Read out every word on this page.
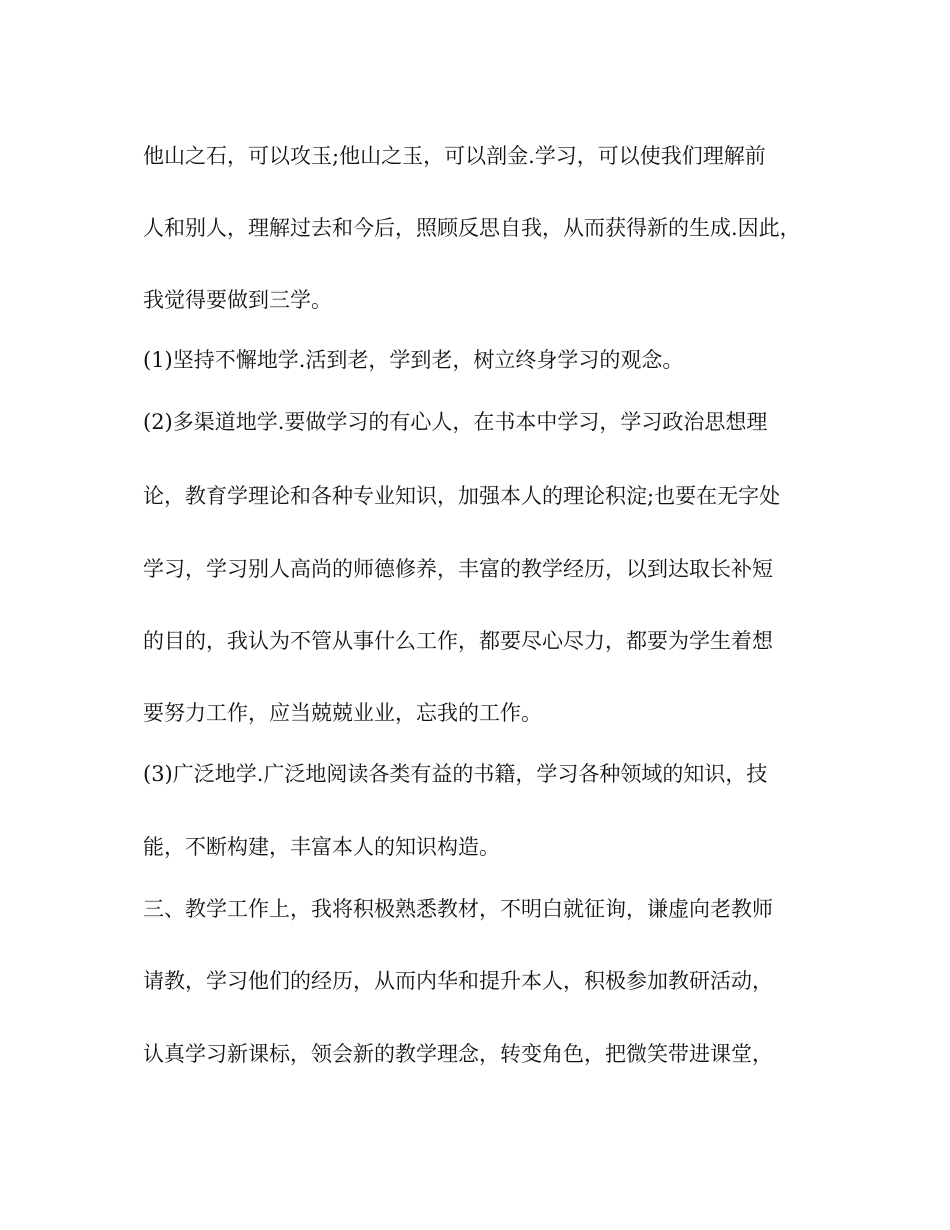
他山之石，可以攻玉;他山之玉，可以剖金.学习，可以使我们理解前

人和别人，理解过去和今后，照顾反思自我，从而获得新的生成.因此，

我觉得要做到三学。

(1)坚持不懈地学.活到老，学到老，树立终身学习的观念。

(2)多渠道地学.要做学习的有心人，在书本中学习，学习政治思想理

论，教育学理论和各种专业知识，加强本人的理论积淀;也要在无字处

学习，学习别人高尚的师德修养，丰富的教学经历，以到达取长补短

的目的，我认为不管从事什么工作，都要尽心尽力，都要为学生着想

要努力工作，应当兢兢业业，忘我的工作。

(3)广泛地学.广泛地阅读各类有益的书籍，学习各种领域的知识，技

能，不断构建，丰富本人的知识构造。

三、教学工作上，我将积极熟悉教材，不明白就征询，谦虚向老教师

请教，学习他们的经历，从而内华和提升本人，积极参加教研活动，

认真学习新课标，领会新的教学理念，转变角色，把微笑带进课堂，
